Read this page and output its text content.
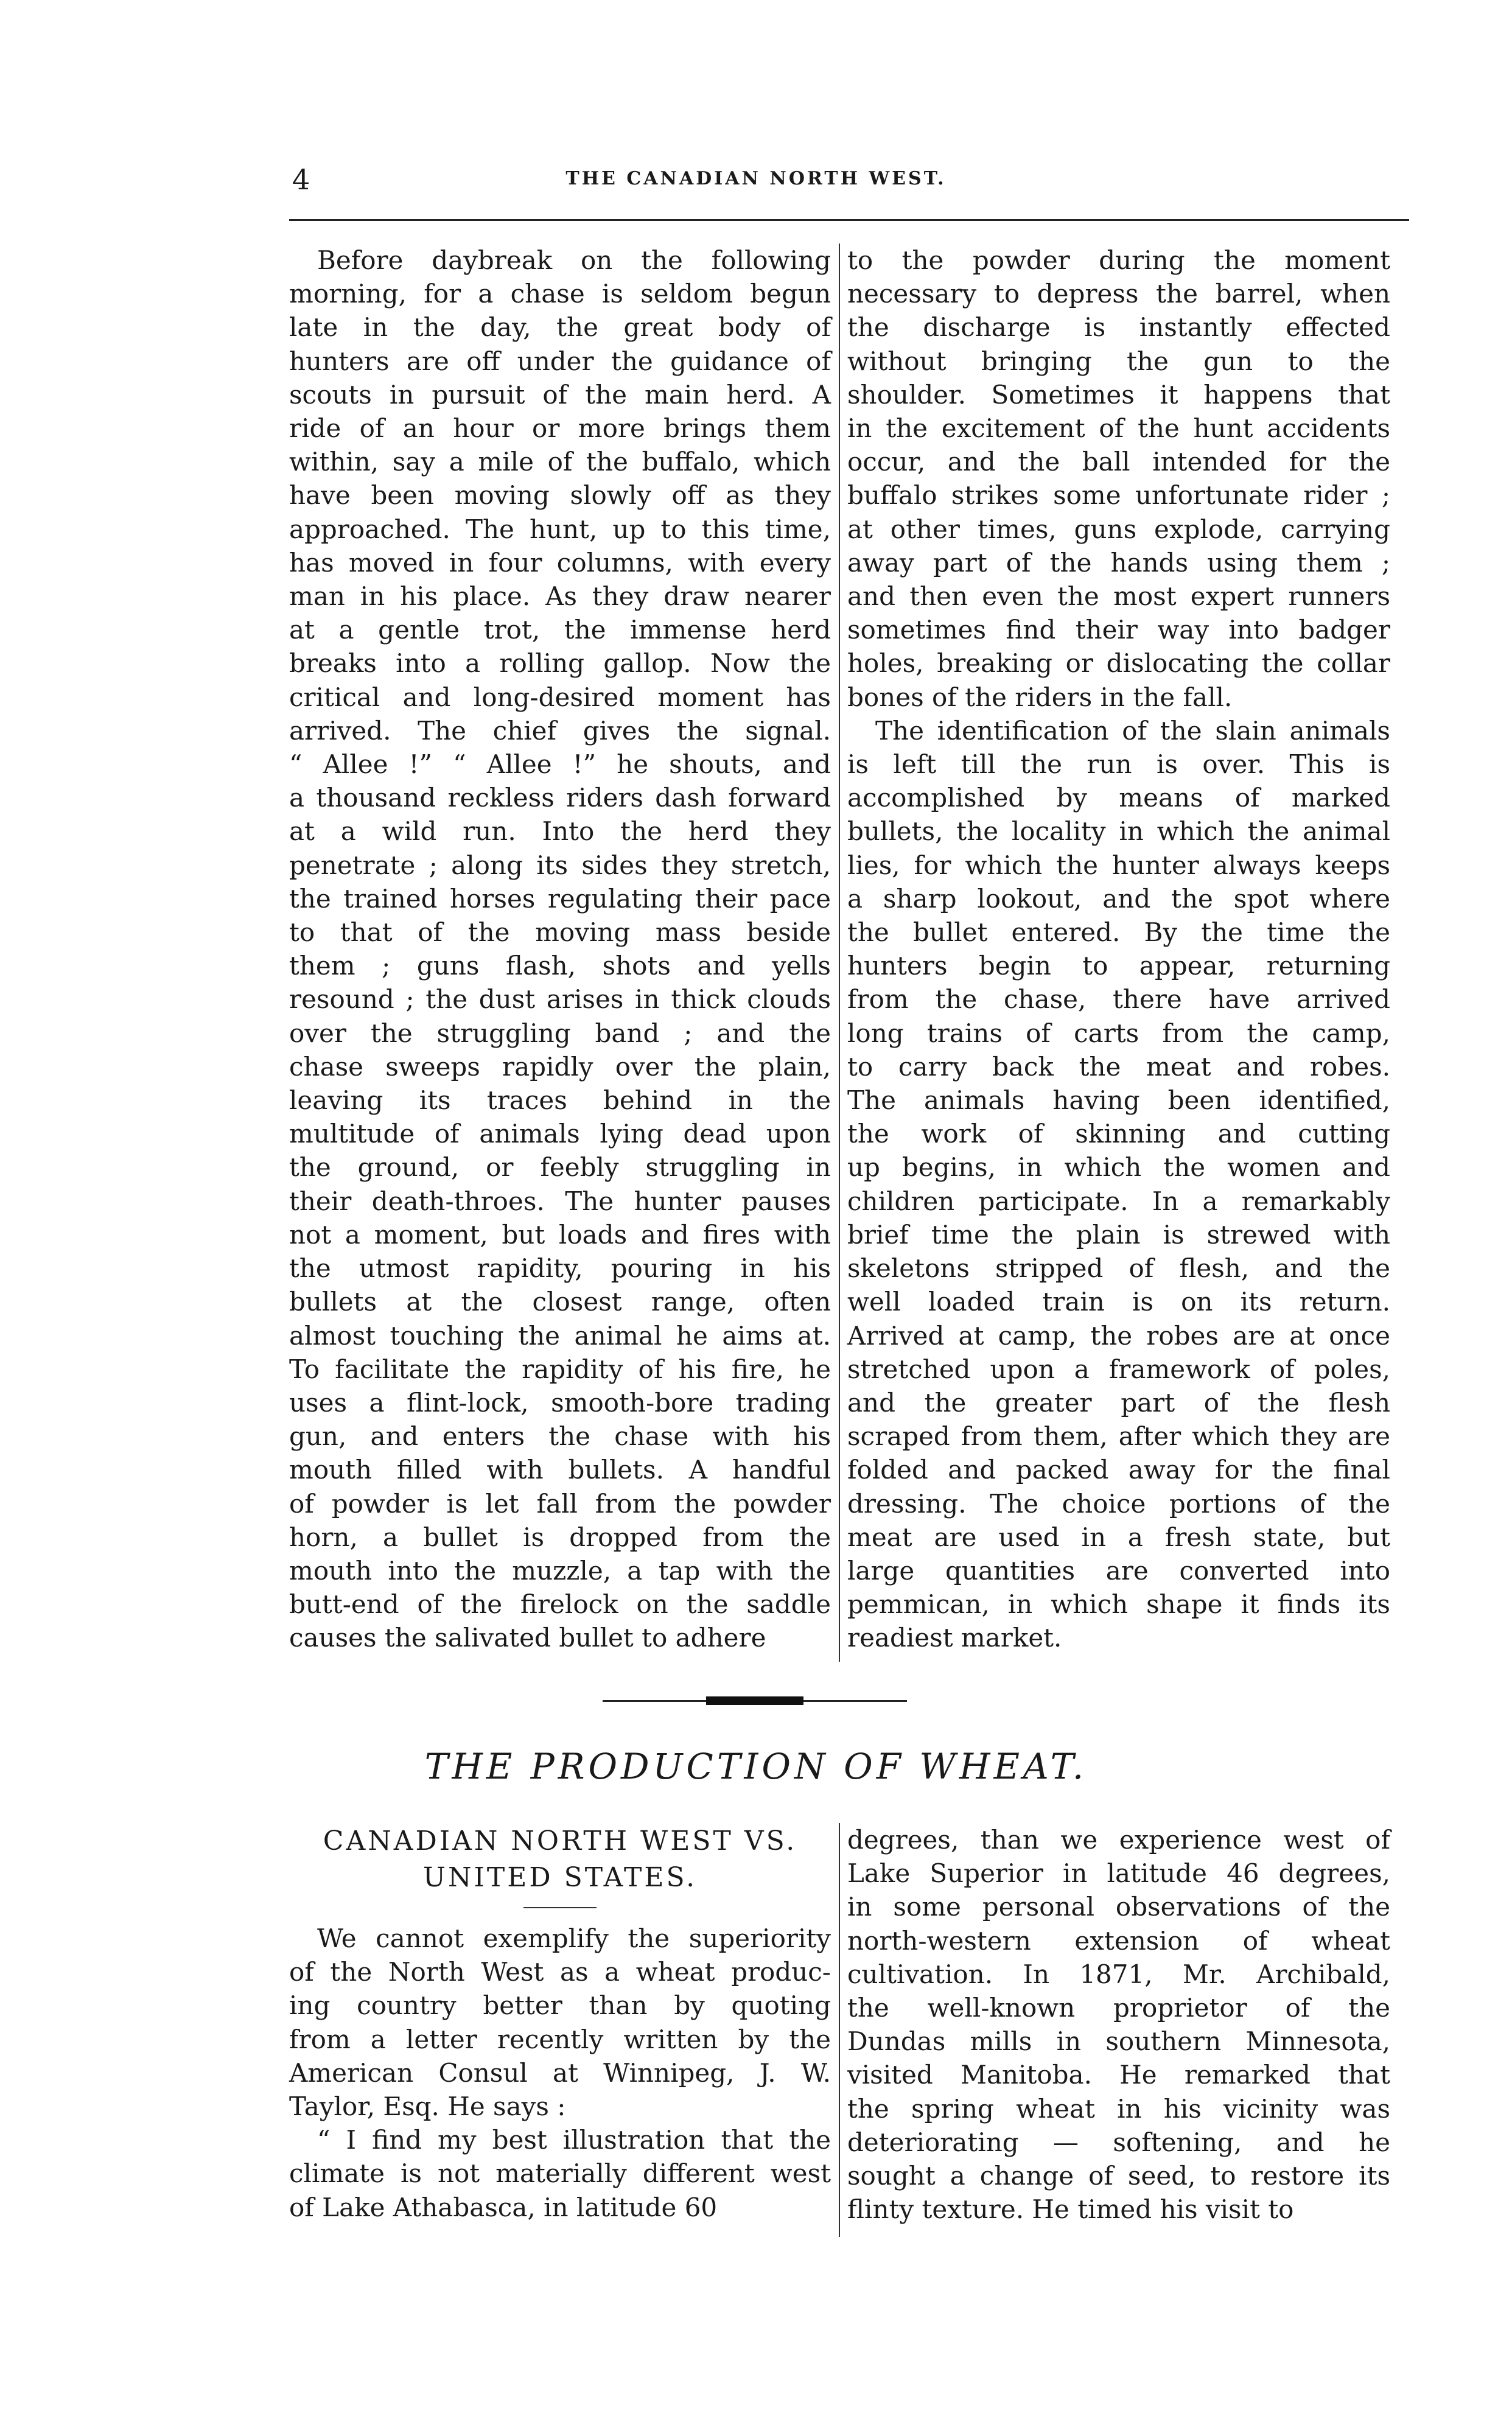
4	THE CANADIAN NORTH WEST.
Before daybreak on the following
morning, for a chase is seldom begun
late in the day, the great body of
hunters are off under the guidance of
scouts in pursuit of the main herd. A
ride of an hour or more brings them
within, say a mile of the buffalo, which
have been moving slowly off as they
approached. The hunt, up to this time,
has moved in four columns, with every
man in his place. As they draw nearer
at a gentle trot, the immense herd
breaks into a rolling gallop. Now the
critical and long-desired moment has
arrived. The chief gives the signal.
“ Allee !” “ Allee !” he shouts, and
a thousand reckless riders dash forward
at a wild run. Into the herd they
penetrate ; along its sides they stretch,
the trained horses regulating their pace
to that of the moving mass beside
them ; guns flash, shots and yells
resound ; the dust arises in thick clouds
over the struggling band ; and the
chase sweeps rapidly over the plain,
leaving its traces behind in the
multitude of animals lying dead upon
the ground, or feebly struggling in
their death-throes. The hunter pauses
not a moment, but loads and fires with
the utmost rapidity, pouring in his
bullets at the closest range, often
almost touching the animal he aims at.
To facilitate the rapidity of his fire, he
uses a flint-lock, smooth-bore trading
gun, and enters the chase with his
mouth filled with bullets. A handful
of powder is let fall from the powder
horn, a bullet is dropped from the
mouth into the muzzle, a tap with the
butt-end of the firelock on the saddle
causes the salivated bullet to adhere
to the powder during the moment
necessary to depress the barrel, when
the discharge is instantly effected
without bringing the gun to the
shoulder. Sometimes it happens that
in the excitement of the hunt accidents
occur, and the ball intended for the
buffalo strikes some unfortunate rider ;
at other times, guns explode, carrying
away part of the hands using them ;
and then even the most expert runners
sometimes find their way into badger
holes, breaking or dislocating the collar
bones of the riders in the fall.
The identification of the slain animals
is left till the run is over. This is
accomplished by means of marked
bullets, the locality in which the animal
lies, for which the hunter always keeps
a sharp lookout, and the spot where
the bullet entered. By the time the
hunters begin to appear, returning
from the chase, there have arrived
long trains of carts from the camp,
to carry back the meat and robes.
The animals having been identified,
the work of skinning and cutting
up begins, in which the women and
children participate. In a remarkably
brief time the plain is strewed with
skeletons stripped of flesh, and the
well loaded train is on its return.
Arrived at camp, the robes are at once
stretched upon a framework of poles,
and the greater part of the flesh
scraped from them, after which they are
folded and packed away for the final
dressing. The choice portions of the
meat are used in a fresh state, but
large quantities are converted into
pemmican, in which shape it finds its
readiest market.
THE PRODUCTION OF WHEAT.
CANADIAN NORTH WEST VS.
UNITED STATES.
We cannot exemplify the superiority
of the North West as a wheat produc-
ing country better than by quoting
from a letter recently written by the
American Consul at Winnipeg, J. W.
Taylor, Esq. He says :
“ I find my best illustration that the
climate is not materially different west
of Lake Athabasca, in latitude 60
degrees, than we experience west of
Lake Superior in latitude 46 degrees,
in some personal observations of the
north-western extension of wheat
cultivation. In 1871, Mr. Archibald,
the well-known proprietor of the
Dundas mills in southern Minnesota,
visited Manitoba. He remarked that
the spring wheat in his vicinity was
deteriorating — softening, and he
sought a change of seed, to restore its
flinty texture. He timed his visit to
